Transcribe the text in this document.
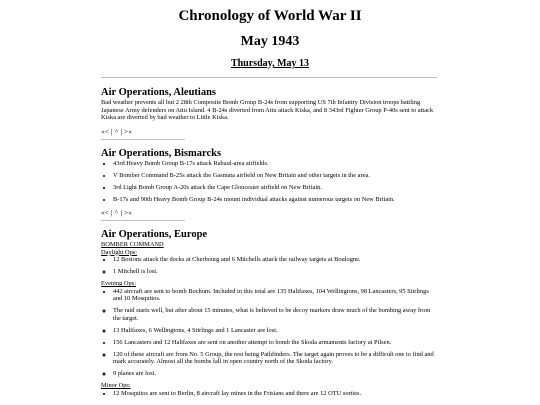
Chronology of World War II
May 1943
Thursday, May 13
Air Operations, Aleutians

Bad weather prevents all but 2 28th Composite Bomb Group B-24s from supporting US 7th Infantry Division troops battling Japanese Army defenders on Attu Island. 4 B-24s diverted from Attu attack Kiska, and 8 343rd Fighter Group P-40s sent to attack Kiska are diverted by bad weather to Little Kiska.

«< | ^ | >»
Air Operations, Bismarcks
• 43rd Heavy Bomb Group B-17s attack Rabaul-area airfields.
• V Bomber Command B-25s attack the Gasmata airfield on New Britain and other targets in the area.
• 3rd Light Bomb Group A-20s attack the Cape Gloucester airfield on New Britain.
• B-17s and 90th Heavy Bomb Group B-24s mount individual attacks against numerous targets on New Britain.
«< | ^ | >»
Air Operations, Europe
BOMBER COMMAND
Daylight Ops:
• 12 Bostons attack the docks at Cherbourg and 6 Mitchells attack the railway targets at Boulogne.
◦ 1 Mitchell is lost.
Evening Ops:
• 442 aircraft are sent to bomb Bochum. Included in this total are 135 Halifaxes, 104 Wellingtons, 98 Lancasters, 95 Stirlings and 10 Mosquitos.
◦ The raid starts well, but after about 15 minutes, what is believed to be decoy markers draw much of the bombing away from the target.
◦ 13 Halifaxes, 6 Wellingtons, 4 Stirlings and 1 Lancaster are lost.
• 156 Lancasters and 12 Halifaxes are sent on another attempt to bomb the Skoda armaments factory at Pilsen.
◦ 120 of these aircraft are from No. 5 Group, the rest being Pathfinders. The target again proves to be a difficult one to find and mark accurately. Almost all the bombs fall in open country north of the Skoda factory.
◦ 9 planes are lost.
Minor Ops:
• 12 Mosquitos are sent to Berlin, 8 aircraft lay mines in the Frisians and there are 12 OTU sorties.
